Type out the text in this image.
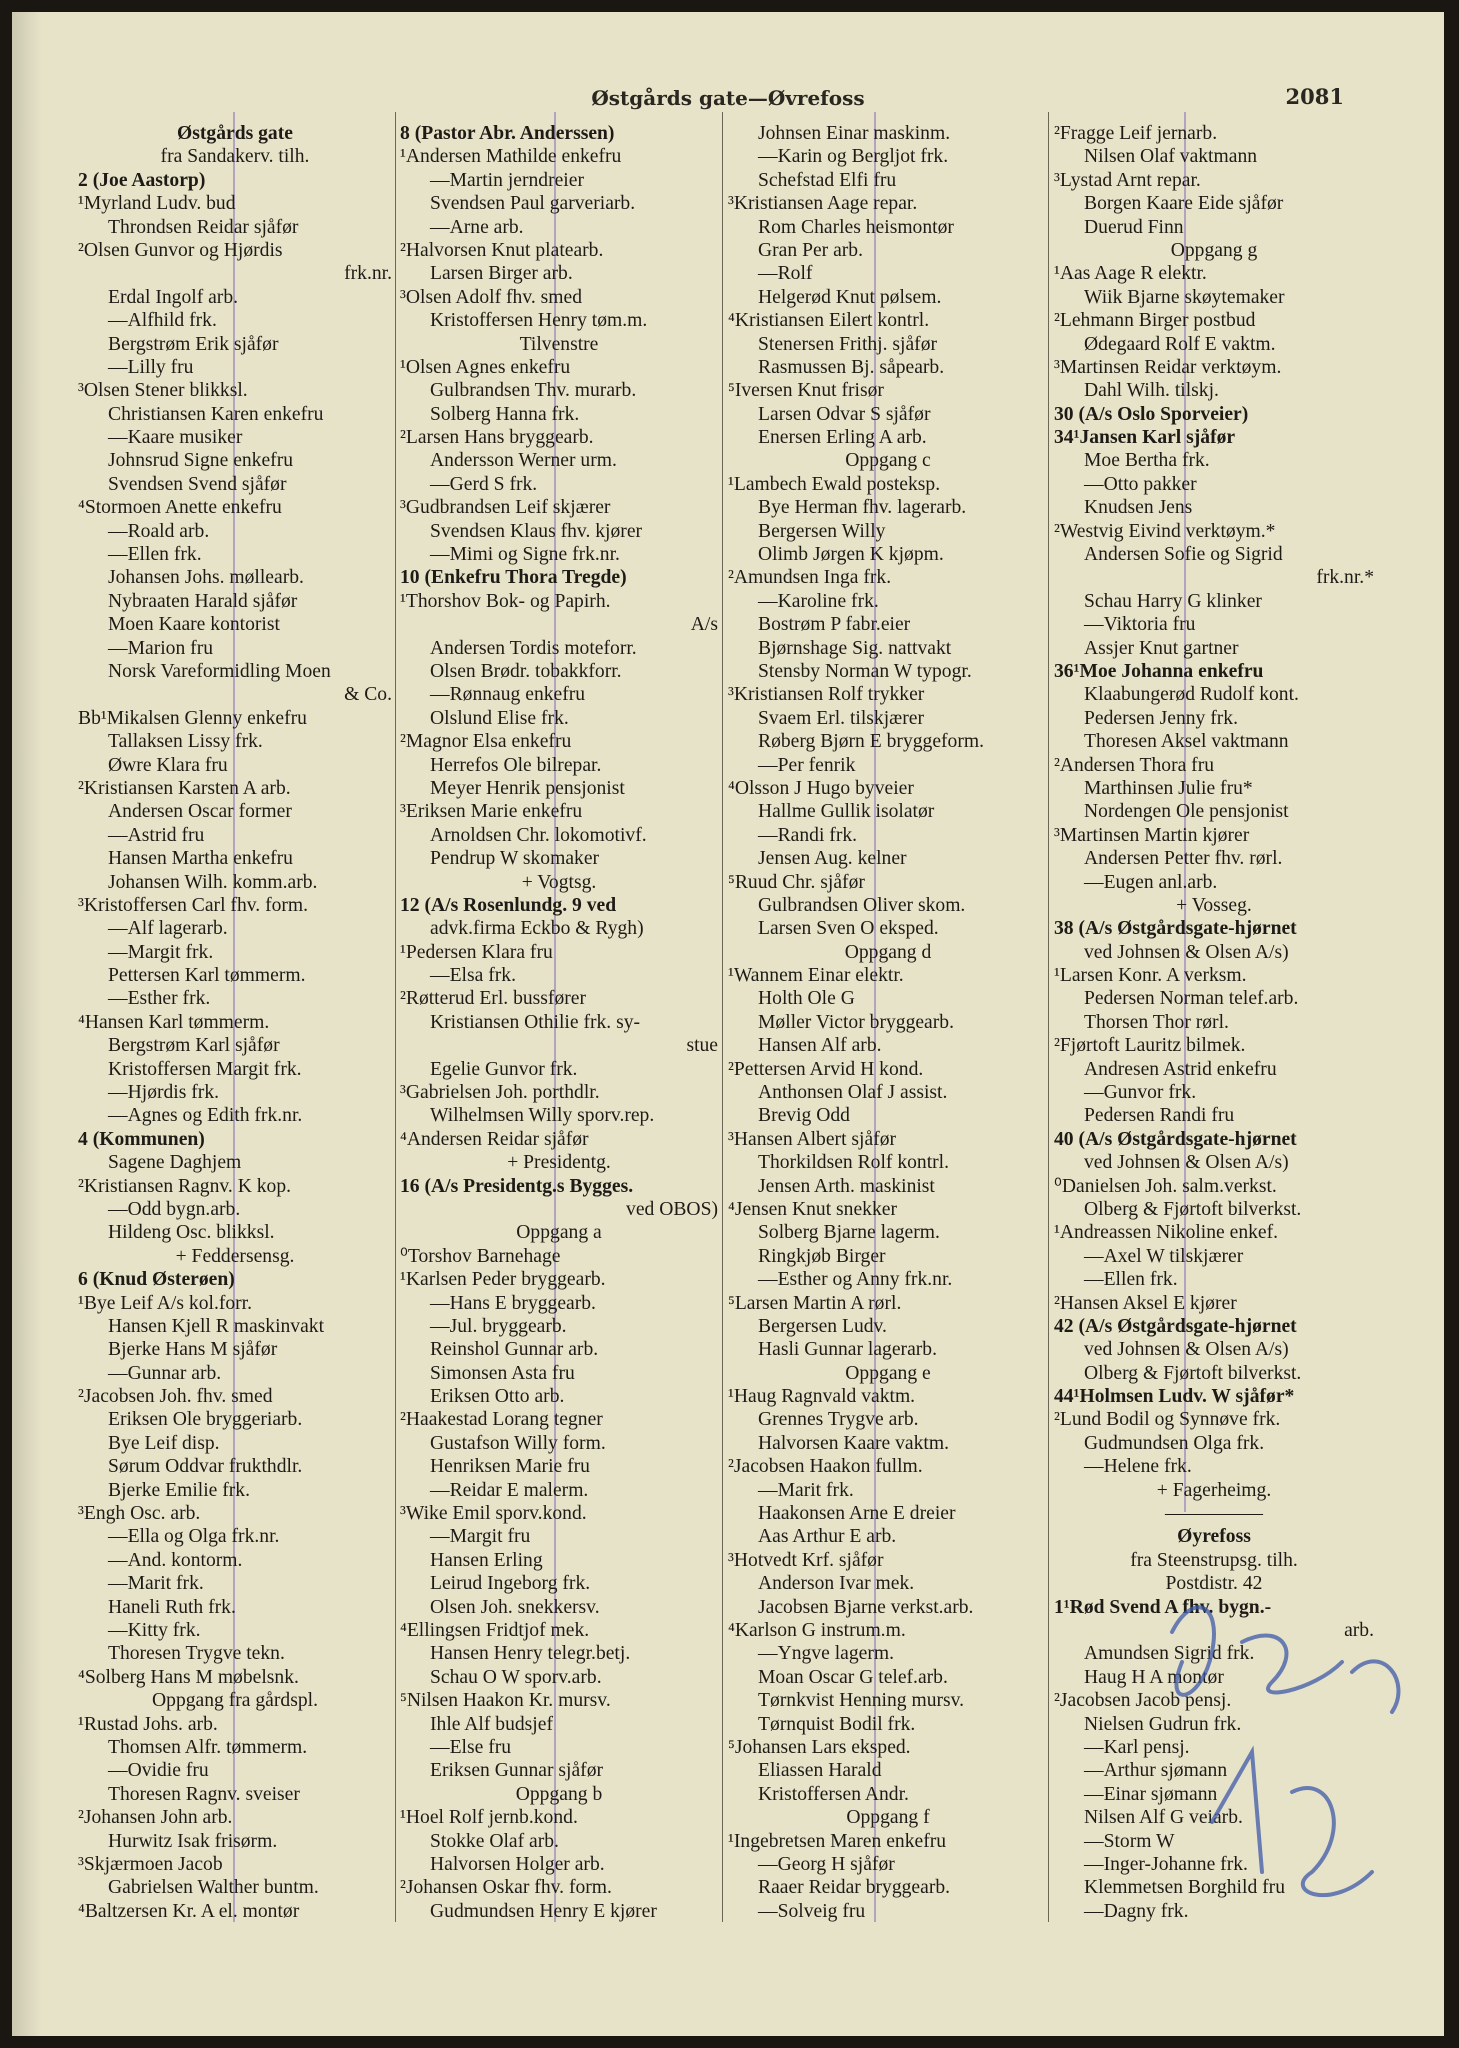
Østgårds gate—Øvrefoss	2081
Østgårds gate
fra Sandakerv. tilh.
2 (Joe Aastorp)
¹Myrland Ludv. bud
Throndsen Reidar sjåfør
²Olsen Gunvor og Hjørdis
frk.nr.
Erdal Ingolf arb.
—Alfhild frk.
Bergstrøm Erik sjåfør
—Lilly fru
³Olsen Stener blikksl.
Christiansen Karen enkefru
—Kaare musiker
Johnsrud Signe enkefru
Svendsen Svend sjåfør
⁴Stormoen Anette enkefru
—Roald arb.
—Ellen frk.
Johansen Johs. møllearb.
Nybraaten Harald sjåfør
Moen Kaare kontorist
—Marion fru
Norsk Vareformidling Moen
& Co.
Bb¹Mikalsen Glenny enkefru
Tallaksen Lissy frk.
Øwre Klara fru
²Kristiansen Karsten A arb.
Andersen Oscar former
—Astrid fru
Hansen Martha enkefru
Johansen Wilh. komm.arb.
³Kristoffersen Carl fhv. form.
—Alf lagerarb.
—Margit frk.
Pettersen Karl tømmerm.
—Esther frk.
⁴Hansen Karl tømmerm.
Bergstrøm Karl sjåfør
Kristoffersen Margit frk.
—Hjørdis frk.
—Agnes og Edith frk.nr.
4 (Kommunen)
Sagene Daghjem
²Kristiansen Ragnv. K kop.
—Odd bygn.arb.
Hildeng Osc. blikksl.
+ Feddersensg.
6 (Knud Østerøen)
¹Bye Leif A/s kol.forr.
Hansen Kjell R maskinvakt
Bjerke Hans M sjåfør
—Gunnar arb.
²Jacobsen Joh. fhv. smed
Eriksen Ole bryggeriarb.
Bye Leif disp.
Sørum Oddvar frukthdlr.
Bjerke Emilie frk.
³Engh Osc. arb.
—Ella og Olga frk.nr.
—And. kontorm.
—Marit frk.
Haneli Ruth frk.
—Kitty frk.
Thoresen Trygve tekn.
⁴Solberg Hans M møbelsnk.
Oppgang fra gårdspl.
¹Rustad Johs. arb.
Thomsen Alfr. tømmerm.
—Ovidie fru
Thoresen Ragnv. sveiser
²Johansen John arb.
Hurwitz Isak frisørm.
³Skjærmoen Jacob
Gabrielsen Walther buntm.
⁴Baltzersen Kr. A el. montør
8 (Pastor Abr. Anderssen)
¹Andersen Mathilde enkefru
—Martin jerndreier
Svendsen Paul garveriarb.
—Arne arb.
²Halvorsen Knut platearb.
Larsen Birger arb.
³Olsen Adolf fhv. smed
Kristoffersen Henry tøm.m.
Tilvenstre
¹Olsen Agnes enkefru
Gulbrandsen Thv. murarb.
Solberg Hanna frk.
²Larsen Hans bryggearb.
Andersson Werner urm.
—Gerd S frk.
³Gudbrandsen Leif skjærer
Svendsen Klaus fhv. kjører
—Mimi og Signe frk.nr.
10 (Enkefru Thora Tregde)
¹Thorshov Bok- og Papirh.
A/s
Andersen Tordis moteforr.
Olsen Brødr. tobakkforr.
—Rønnaug enkefru
Olslund Elise frk.
²Magnor Elsa enkefru
Herrefos Ole bilrepar.
Meyer Henrik pensjonist
³Eriksen Marie enkefru
Arnoldsen Chr. lokomotivf.
Pendrup W skomaker
+ Vogtsg.
12 (A/s Rosenlundg. 9 ved
advk.firma Eckbo & Rygh)
¹Pedersen Klara fru
—Elsa frk.
²Røtterud Erl. bussfører
Kristiansen Othilie frk. sy-
stue
Egelie Gunvor frk.
³Gabrielsen Joh. porthdlr.
Wilhelmsen Willy sporv.rep.
⁴Andersen Reidar sjåfør
+ Presidentg.
16 (A/s Presidentg.s Bygges.
ved OBOS)
Oppgang a
⁰Torshov Barnehage
¹Karlsen Peder bryggearb.
—Hans E bryggearb.
—Jul. bryggearb.
Reinshol Gunnar arb.
Simonsen Asta fru
Eriksen Otto arb.
²Haakestad Lorang tegner
Gustafson Willy form.
Henriksen Marie fru
—Reidar E malerm.
³Wike Emil sporv.kond.
—Margit fru
Hansen Erling
Leirud Ingeborg frk.
Olsen Joh. snekkersv.
⁴Ellingsen Fridtjof mek.
Hansen Henry telegr.betj.
Schau O W sporv.arb.
⁵Nilsen Haakon Kr. mursv.
Ihle Alf budsjef
—Else fru
Eriksen Gunnar sjåfør
Oppgang b
¹Hoel Rolf jernb.kond.
Stokke Olaf arb.
Halvorsen Holger arb.
²Johansen Oskar fhv. form.
Gudmundsen Henry E kjører
Johnsen Einar maskinm.
—Karin og Bergljot frk.
Schefstad Elfi fru
³Kristiansen Aage repar.
Rom Charles heismontør
Gran Per arb.
—Rolf
Helgerød Knut pølsem.
⁴Kristiansen Eilert kontrl.
Stenersen Frithj. sjåfør
Rasmussen Bj. såpearb.
⁵Iversen Knut frisør
Larsen Odvar S sjåfør
Enersen Erling A arb.
Oppgang c
¹Lambech Ewald posteksp.
Bye Herman fhv. lagerarb.
Bergersen Willy
Olimb Jørgen K kjøpm.
²Amundsen Inga frk.
—Karoline frk.
Bostrøm P fabr.eier
Bjørnshage Sig. nattvakt
Stensby Norman W typogr.
³Kristiansen Rolf trykker
Svaem Erl. tilskjærer
Røberg Bjørn E bryggeform.
—Per fenrik
⁴Olsson J Hugo byveier
Hallme Gullik isolatør
—Randi frk.
Jensen Aug. kelner
⁵Ruud Chr. sjåfør
Gulbrandsen Oliver skom.
Larsen Sven O eksped.
Oppgang d
¹Wannem Einar elektr.
Holth Ole G
Møller Victor bryggearb.
Hansen Alf arb.
²Pettersen Arvid H kond.
Anthonsen Olaf J assist.
Brevig Odd
³Hansen Albert sjåfør
Thorkildsen Rolf kontrl.
Jensen Arth. maskinist
⁴Jensen Knut snekker
Solberg Bjarne lagerm.
Ringkjøb Birger
—Esther og Anny frk.nr.
⁵Larsen Martin A rørl.
Bergersen Ludv.
Hasli Gunnar lagerarb.
Oppgang e
¹Haug Ragnvald vaktm.
Grennes Trygve arb.
Halvorsen Kaare vaktm.
²Jacobsen Haakon fullm.
—Marit frk.
Haakonsen Arne E dreier
Aas Arthur E arb.
³Hotvedt Krf. sjåfør
Anderson Ivar mek.
Jacobsen Bjarne verkst.arb.
⁴Karlson G instrum.m.
—Yngve lagerm.
Moan Oscar G telef.arb.
Tørnkvist Henning mursv.
Tørnquist Bodil frk.
⁵Johansen Lars eksped.
Eliassen Harald
Kristoffersen Andr.
Oppgang f
¹Ingebretsen Maren enkefru
—Georg H sjåfør
Raaer Reidar bryggearb.
—Solveig fru
²Fragge Leif jernarb.
Nilsen Olaf vaktmann
³Lystad Arnt repar.
Borgen Kaare Eide sjåfør
Duerud Finn
Oppgang g
¹Aas Aage R elektr.
Wiik Bjarne skøytemaker
²Lehmann Birger postbud
Ødegaard Rolf E vaktm.
³Martinsen Reidar verktøym.
Dahl Wilh. tilskj.
30 (A/s Oslo Sporveier)
34¹Jansen Karl sjåfør
Moe Bertha frk.
—Otto pakker
Knudsen Jens
²Westvig Eivind verktøym.*
Andersen Sofie og Sigrid
frk.nr.*
Schau Harry G klinker
—Viktoria fru
Assjer Knut gartner
36¹Moe Johanna enkefru
Klaabungerød Rudolf kont.
Pedersen Jenny frk.
Thoresen Aksel vaktmann
²Andersen Thora fru
Marthinsen Julie fru*
Nordengen Ole pensjonist
³Martinsen Martin kjører
Andersen Petter fhv. rørl.
—Eugen anl.arb.
+ Vosseg.
38 (A/s Østgårdsgate-hjørnet
ved Johnsen & Olsen A/s)
¹Larsen Konr. A verksm.
Pedersen Norman telef.arb.
Thorsen Thor rørl.
²Fjørtoft Lauritz bilmek.
Andresen Astrid enkefru
—Gunvor frk.
Pedersen Randi fru
40 (A/s Østgårdsgate-hjørnet
ved Johnsen & Olsen A/s)
⁰Danielsen Joh. salm.verkst.
Olberg & Fjørtoft bilverkst.
¹Andreassen Nikoline enkef.
—Axel W tilskjærer
—Ellen frk.
²Hansen Aksel E kjører
42 (A/s Østgårdsgate-hjørnet
ved Johnsen & Olsen A/s)
Olberg & Fjørtoft bilverkst.
44¹Holmsen Ludv. W sjåfør*
²Lund Bodil og Synnøve frk.
Gudmundsen Olga frk.
—Helene frk.
+ Fagerheimg.
—————
Øyrefoss
fra Steenstrupsg. tilh.
Postdistr. 42
1¹Rød Svend A fhv. bygn.-
arb.
Amundsen Sigrid frk.
Haug H A montør
²Jacobsen Jacob pensj.
Nielsen Gudrun frk.
—Karl pensj.
—Arthur sjømann
—Einar sjømann
Nilsen Alf G veiarb.
—Storm W
—Inger-Johanne frk.
Klemmetsen Borghild fru
—Dagny frk.
